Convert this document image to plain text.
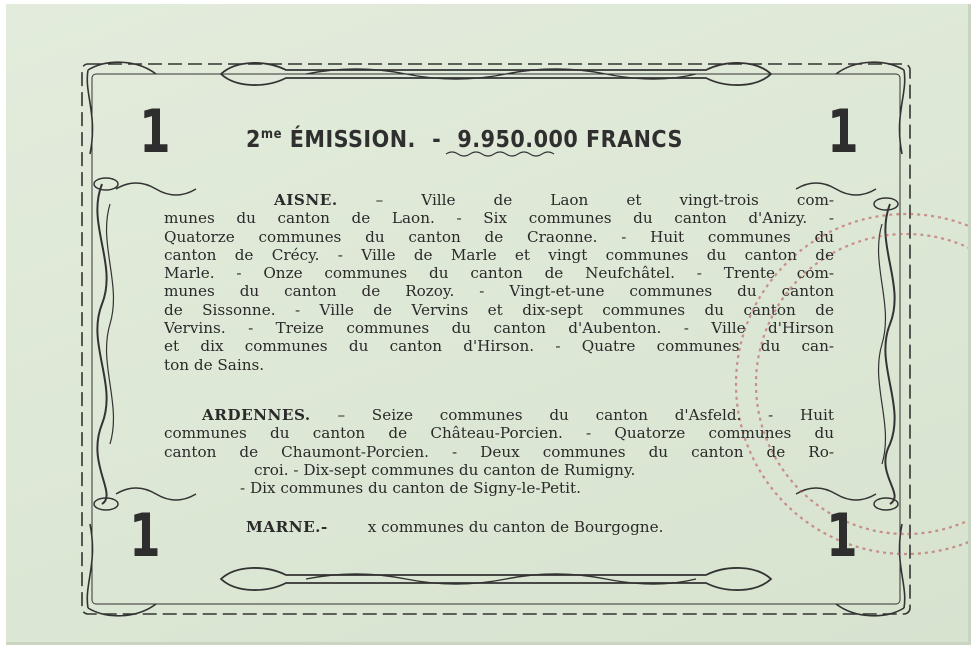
1	1
1	1
$2^{me}$ ÉMISSION. - 9.950.000 FRANCS
AISNE. – Ville de Laon et vingt-trois com-
munes du canton de Laon. - Six communes du canton d'Anizy. -
Quatorze communes du canton de Craonne. - Huit communes du
canton de Crécy. - Ville de Marle et vingt communes du canton de
Marle. - Onze communes du canton de Neufchâtel. - Trente com-
munes du canton de Rozoy. - Vingt-et-une communes du canton
de Sissonne. - Ville de Vervins et dix-sept communes du canton de
Vervins. - Treize communes du canton d'Aubenton. - Ville d'Hirson
et dix communes du canton d'Hirson. - Quatre communes du can-
ton de Sains.
ARDENNES. – Seize communes du canton d'Asfeld. - Huit
communes du canton de Château-Porcien. - Quatorze communes du
canton de Chaumont-Porcien. - Deux communes du canton de Ro-
croi. - Dix-sept communes du canton de Rumigny.
- Dix communes du canton de Signy-le-Petit.
MARNE.-	x communes du canton de Bourgogne.
